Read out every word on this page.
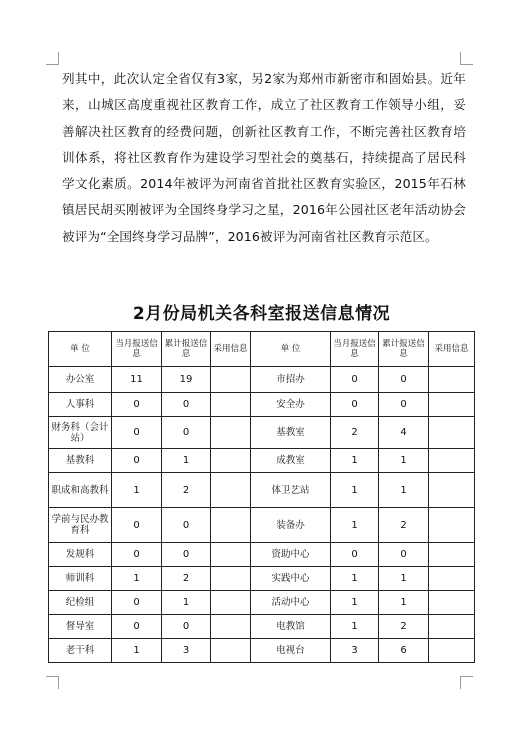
列其中，此次认定全省仅有3家，另2家为郑州市新密市和固始县。近年来，山城区高度重视社区教育工作，成立了社区教育工作领导小组，妥善解决社区教育的经费问题，创新社区教育工作，不断完善社区教育培训体系，将社区教育作为建设学习型社会的奠基石，持续提高了居民科学文化素质。2014年被评为河南省首批社区教育实验区，2015年石林镇居民胡买刚被评为全国终身学习之星，2016年公园社区老年活动协会被评为“全国终身学习品牌”，2016被评为河南省社区教育示范区。

2月份局机关各科室报送信息情况
单 位	当月报送信息	累计报送信息	采用信息	单 位	当月报送信息	累计报送信息	采用信息
办公室	11	19		市招办	0	0	
人事科	0	0		安全办	0	0	
财务科（会计站）	0	0		基教室	2	4	
基教科	0	1		成教室	1	1	
职成和高教科	1	2		体卫艺站	1	1	
学前与民办教育科	0	0		装备办	1	2	
发规科	0	0		资助中心	0	0	
师训科	1	2		实践中心	1	1	
纪检组	0	1		活动中心	1	1	
督导室	0	0		电教馆	1	2	
老干科	1	3		电视台	3	6	
